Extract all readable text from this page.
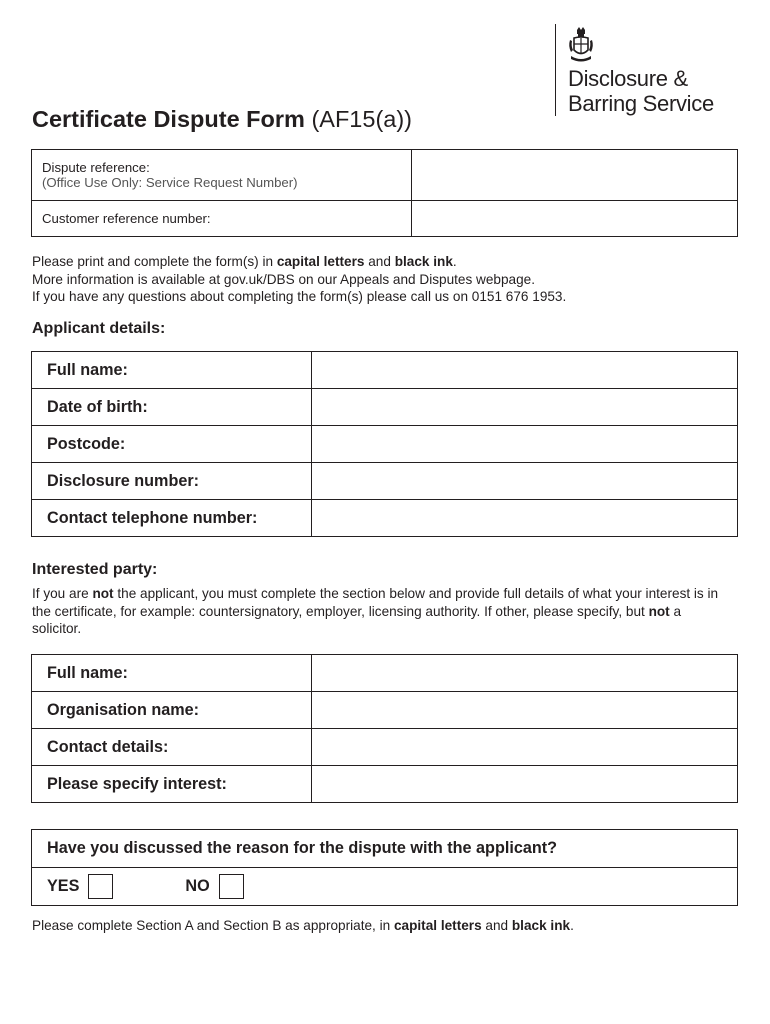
Disclosure &
Barring Service
Certificate Dispute Form (AF15(a))
Dispute reference:
(Office Use Only: Service Request Number)	

Customer reference number:	
Please print and complete the form(s) in capital letters and black ink.
More information is available at gov.uk/DBS on our Appeals and Disputes webpage.
If you have any questions about completing the form(s) please call us on 0151 676 1953.
Applicant details:
Full name:	
Date of birth:	
Postcode:	
Disclosure number:	
Contact telephone number:	
Interested party:
If you are not the applicant, you must complete the section below and provide full details of what your interest is in the certificate, for example: countersignatory, employer, licensing authority. If other, please specify, but not a solicitor.
Full name:	
Organisation name:	
Contact details:	
Please specify interest:	
Have you discussed the reason for the dispute with the applicant?
YES	NO
Please complete Section A and Section B as appropriate, in capital letters and black ink.
